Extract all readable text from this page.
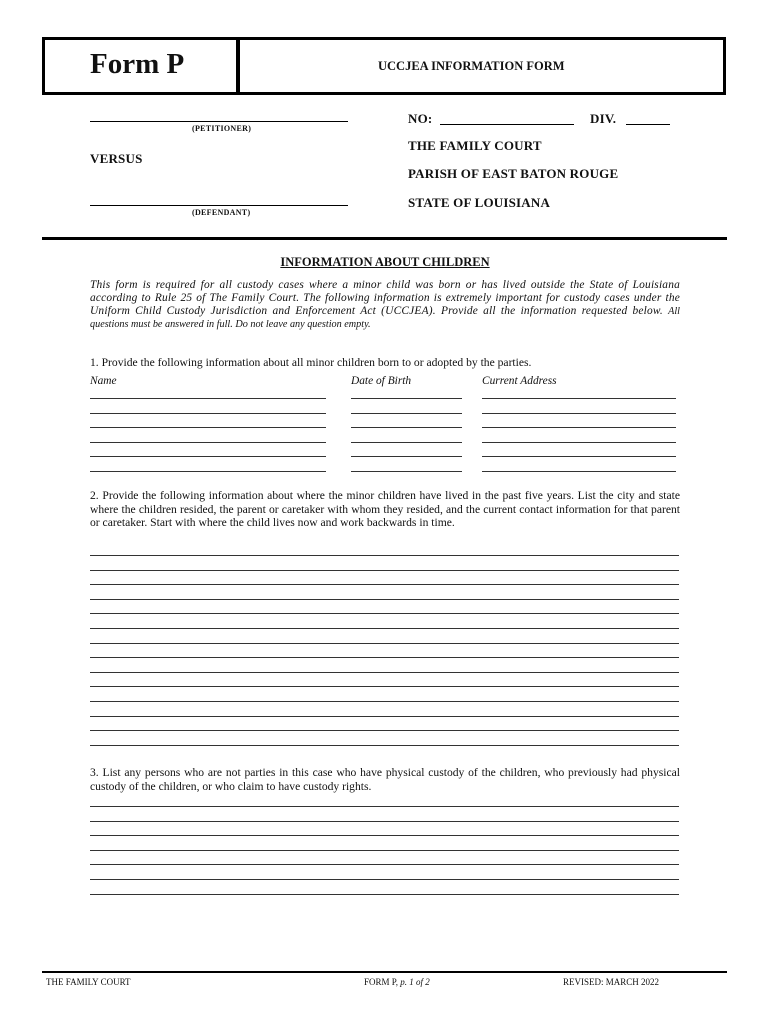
Form P	UCCJEA INFORMATION FORM
(PETITIONER)
VERSUS
(DEFENDANT)
NO:	DIV.
THE FAMILY COURT
PARISH OF EAST BATON ROUGE
STATE OF LOUISIANA
INFORMATION ABOUT CHILDREN
This form is required for all custody cases where a minor child was born or has lived outside the State of Louisiana according to Rule 25 of The Family Court. The following information is extremely important for custody cases under the Uniform Child Custody Jurisdiction and Enforcement Act (UCCJEA). Provide all the information requested below. All questions must be answered in full. Do not leave any question empty.
1. Provide the following information about all minor children born to or adopted by the parties.
Name	Date of Birth	Current Address
2. Provide the following information about where the minor children have lived in the past five years. List the city and state where the children resided, the parent or caretaker with whom they resided, and the current contact information for that parent or caretaker. Start with where the child lives now and work backwards in time.
3. List any persons who are not parties in this case who have physical custody of the children, who previously had physical custody of the children, or who claim to have custody rights.
THE FAMILY COURT	FORM P, p. 1 of 2	REVISED: MARCH 2022
